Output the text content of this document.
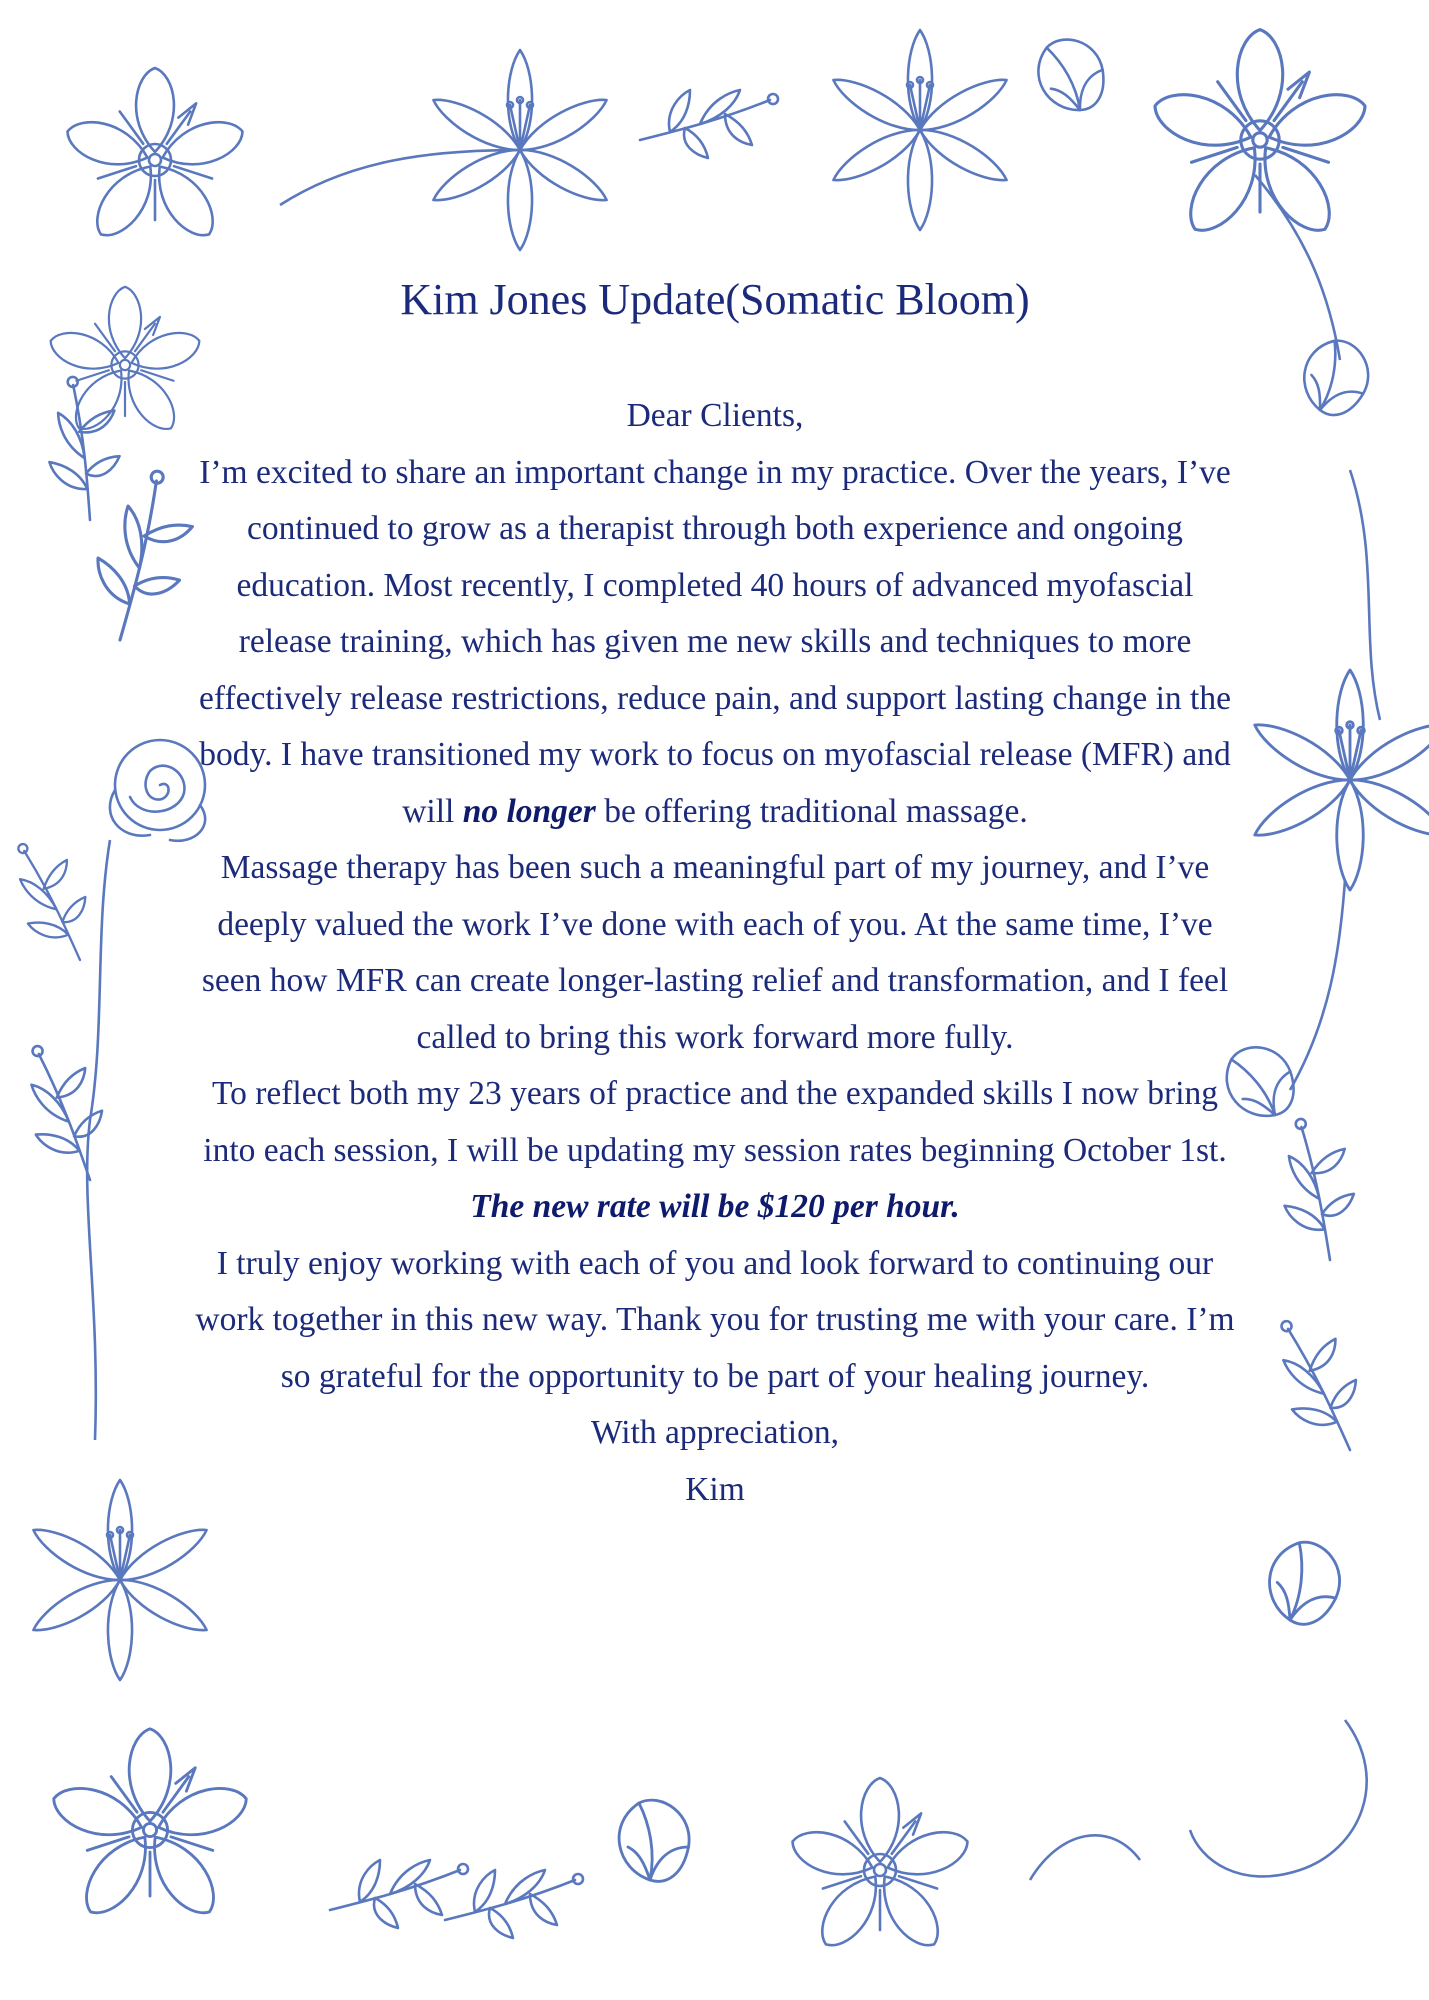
Kim Jones Update(Somatic Bloom)

Dear Clients,

I’m excited to share an important change in my practice. Over the years, I’ve continued to grow as a therapist through both experience and ongoing education. Most recently, I completed 40 hours of advanced myofascial release training, which has given me new skills and techniques to more effectively release restrictions, reduce pain, and support lasting change in the body. I have transitioned my work to focus on myofascial release (MFR) and will no longer be offering traditional massage.

Massage therapy has been such a meaningful part of my journey, and I’ve deeply valued the work I’ve done with each of you. At the same time, I’ve seen how MFR can create longer-lasting relief and transformation, and I feel called to bring this work forward more fully.

To reflect both my 23 years of practice and the expanded skills I now bring into each session, I will be updating my session rates beginning October 1st. The new rate will be $120 per hour.

I truly enjoy working with each of you and look forward to continuing our work together in this new way. Thank you for trusting me with your care. I’m so grateful for the opportunity to be part of your healing journey.

With appreciation,

Kim
